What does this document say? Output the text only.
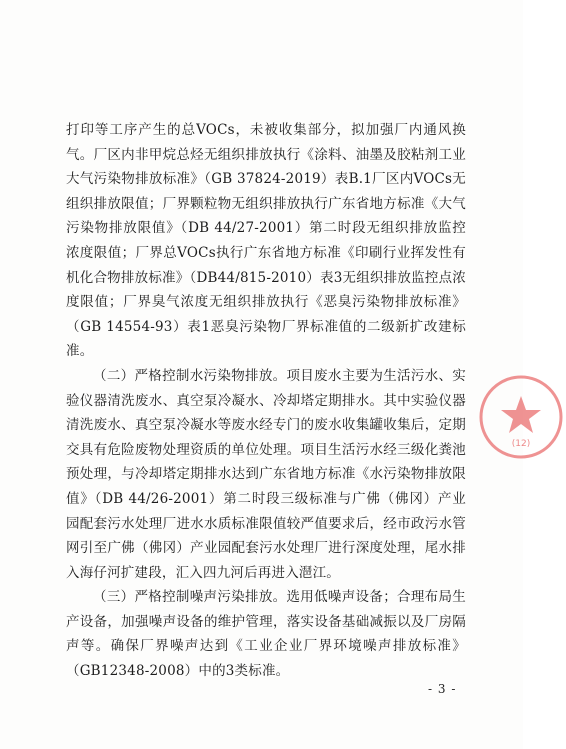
打印等工序产生的总VOCs，未被收集部分，拟加强厂内通风换气。厂区内非甲烷总烃无组织排放执行《涂料、油墨及胶粘剂工业大气污染物排放标准》（GB 37824-2019）表B.1厂区内VOCs无组织排放限值；厂界颗粒物无组织排放执行广东省地方标准《大气污染物排放限值》（DB 44/27-2001）第二时段无组织排放监控浓度限值；厂界总VOCs执行广东省地方标准《印刷行业挥发性有机化合物排放标准》（DB44/815-2010）表3无组织排放监控点浓度限值；厂界臭气浓度无组织排放执行《恶臭污染物排放标准》（GB 14554-93）表1恶臭污染物厂界标准值的二级新扩改建标准。

（二）严格控制水污染物排放。项目废水主要为生活污水、实验仪器清洗废水、真空泵冷凝水、冷却塔定期排水。其中实验仪器清洗废水、真空泵冷凝水等废水经专门的废水收集罐收集后，定期交具有危险废物处理资质的单位处理。项目生活污水经三级化粪池预处理，与冷却塔定期排水达到广东省地方标准《水污染物排放限值》（DB 44/26-2001）第二时段三级标准与广佛（佛冈）产业园配套污水处理厂进水水质标准限值较严值要求后，经市政污水管网引至广佛（佛冈）产业园配套污水处理厂进行深度处理，尾水排入海仔河扩建段，汇入四九河后再进入潖江。

（三）严格控制噪声污染排放。选用低噪声设备；合理布局生产设备，加强噪声设备的维护管理，落实设备基础减振以及厂房隔声等。确保厂界噪声达到《工业企业厂界环境噪声排放标准》（GB12348-2008）中的3类标准。

(12)
- 3 -
